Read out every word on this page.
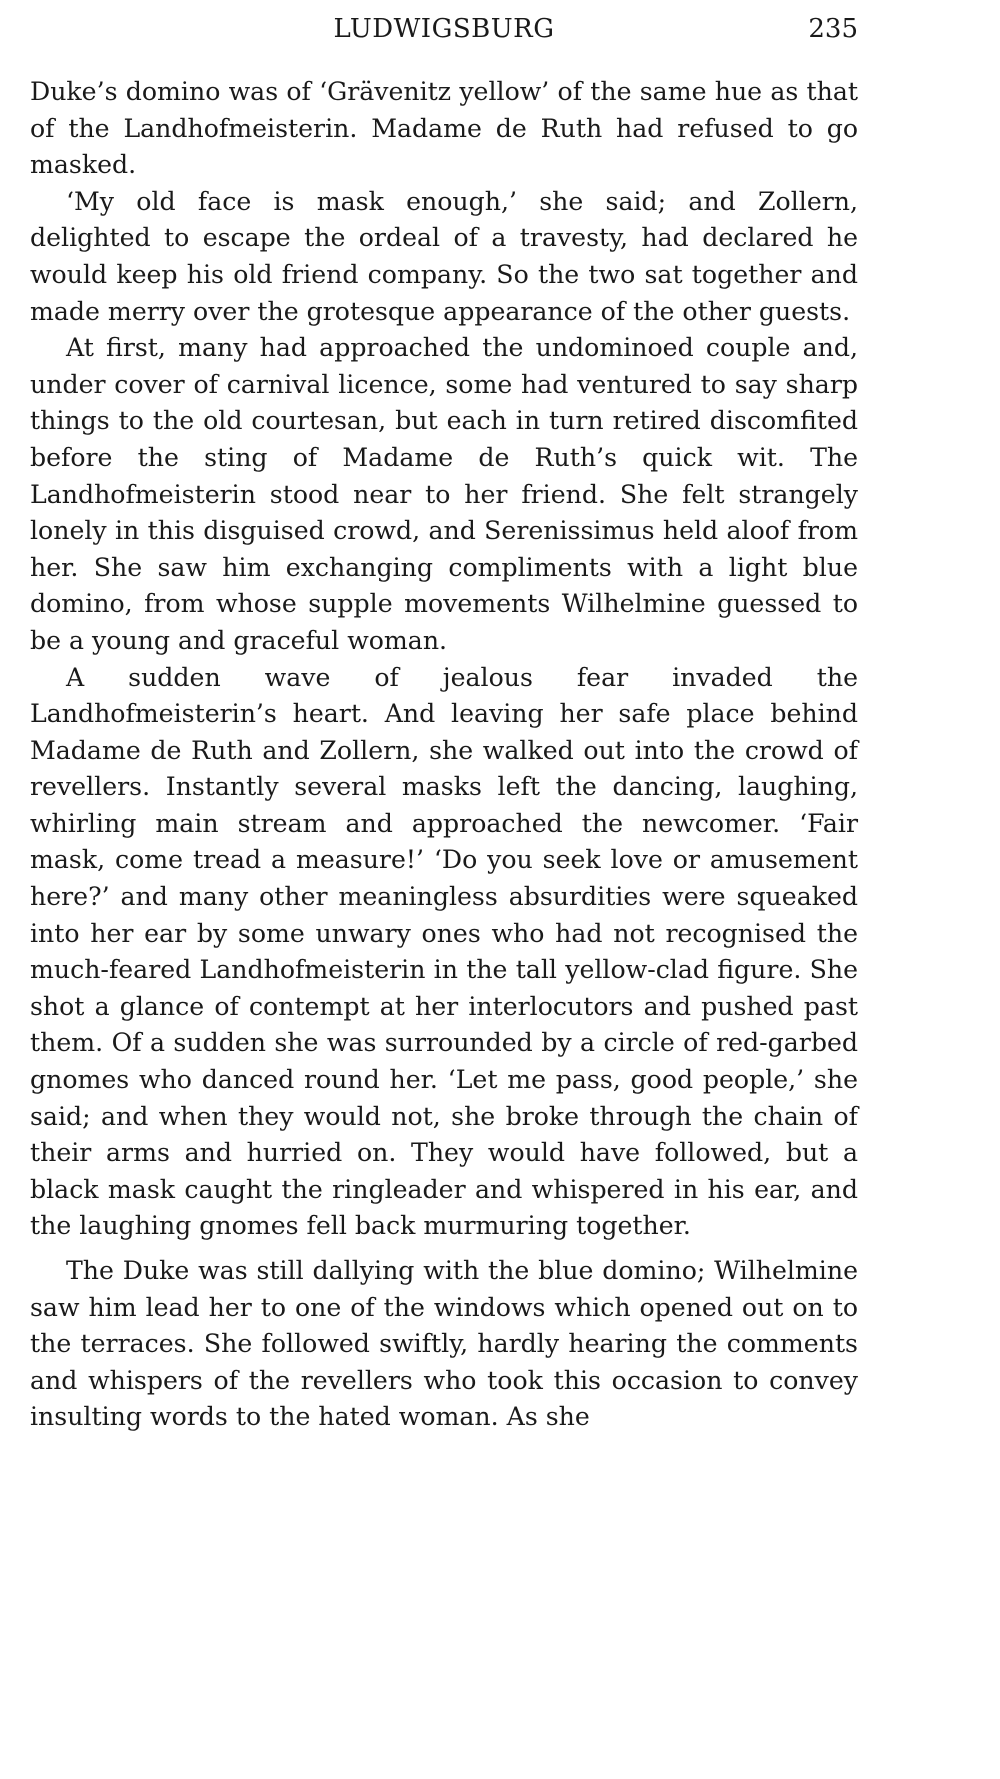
LUDWIGSBURG	235

Duke’s domino was of ‘Grävenitz yellow’ of the same hue as that of the Landhofmeisterin. Madame de Ruth had refused to go masked.

‘My old face is mask enough,’ she said; and Zollern, delighted to escape the ordeal of a travesty, had declared he would keep his old friend company. So the two sat together and made merry over the grotesque appearance of the other guests.

At first, many had approached the undominoed couple and, under cover of carnival licence, some had ventured to say sharp things to the old courtesan, but each in turn retired discomfited before the sting of Madame de Ruth’s quick wit. The Landhofmeisterin stood near to her friend. She felt strangely lonely in this disguised crowd, and Serenissimus held aloof from her. She saw him exchanging compliments with a light blue domino, from whose supple movements Wilhelmine guessed to be a young and graceful woman.

A sudden wave of jealous fear invaded the Landhofmeisterin’s heart. And leaving her safe place behind Madame de Ruth and Zollern, she walked out into the crowd of revellers. Instantly several masks left the dancing, laughing, whirling main stream and approached the newcomer. ‘Fair mask, come tread a measure!’ ‘Do you seek love or amusement here?’ and many other meaningless absurdities were squeaked into her ear by some unwary ones who had not recognised the much-feared Landhofmeisterin in the tall yellow-clad figure. She shot a glance of contempt at her interlocutors and pushed past them. Of a sudden she was surrounded by a circle of red-garbed gnomes who danced round her. ‘Let me pass, good people,’ she said; and when they would not, she broke through the chain of their arms and hurried on. They would have followed, but a black mask caught the ringleader and whispered in his ear, and the laughing gnomes fell back murmuring together.

The Duke was still dallying with the blue domino; Wilhelmine saw him lead her to one of the windows which opened out on to the terraces. She followed swiftly, hardly hearing the comments and whispers of the revellers who took this occasion to convey insulting words to the hated woman. As she
